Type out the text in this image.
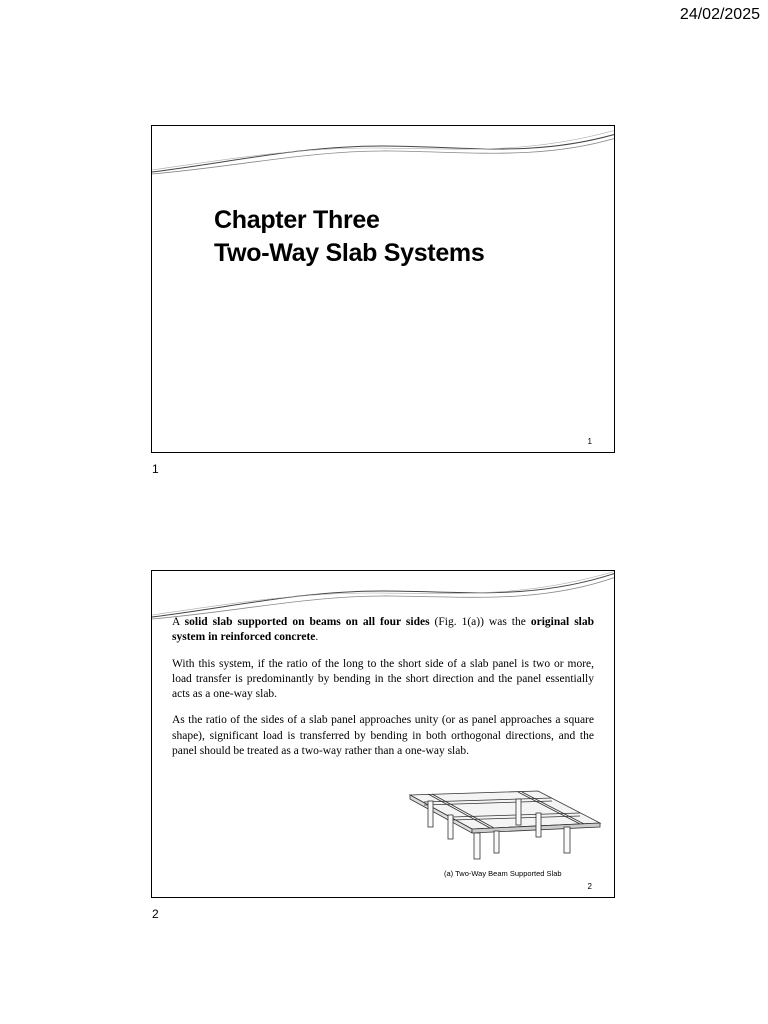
24/02/2025
Chapter Three
Two-Way Slab Systems
1
1

A solid slab supported on beams on all four sides (Fig. 1(a)) was the original slab system in reinforced concrete.

With this system, if the ratio of the long to the short side of a slab panel is two or more, load transfer is predominantly by bending in the short direction and the panel essentially acts as a one-way slab.

As the ratio of the sides of a slab panel approaches unity (or as panel approaches a square shape), significant load is transferred by bending in both orthogonal directions, and the panel should be treated as a two-way rather than a one-way slab.

(a) Two-Way Beam Supported Slab
2
2
